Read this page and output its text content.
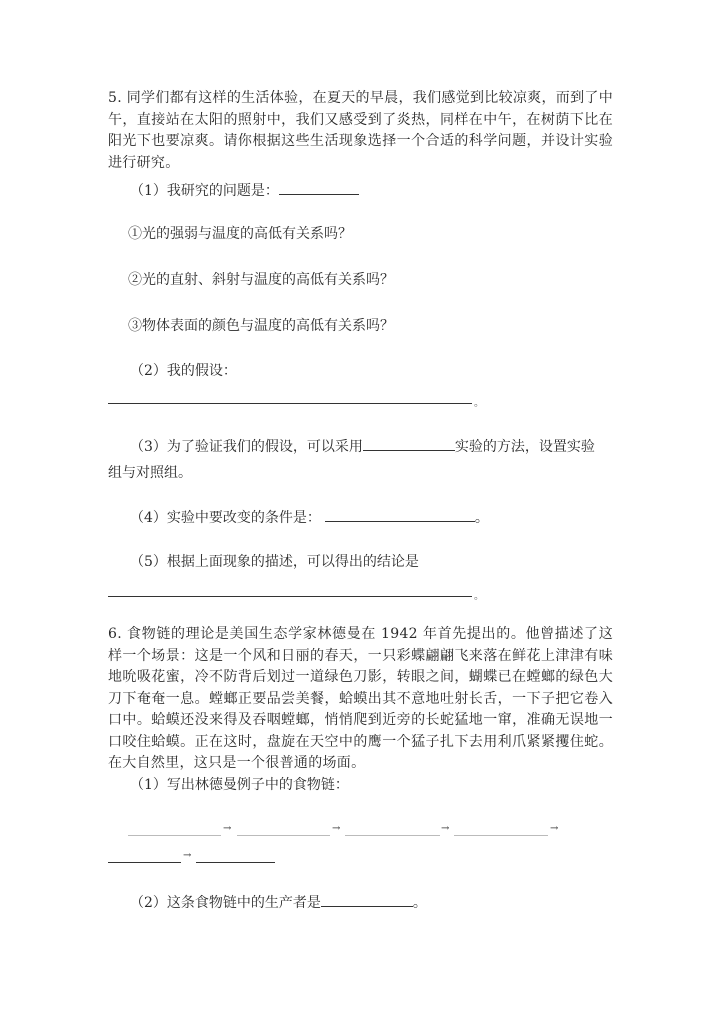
5. 同学们都有这样的生活体验，在夏天的早晨，我们感觉到比较凉爽，而到了中午，直接站在太阳的照射中，我们又感受到了炎热，同样在中午，在树荫下比在阳光下也要凉爽。请你根据这些生活现象选择一个合适的科学问题，并设计实验进行研究。
（1）我研究的问题是：
①光的强弱与温度的高低有关系吗？
②光的直射、斜射与温度的高低有关系吗？
③物体表面的颜色与温度的高低有关系吗？
（2）我的假设：
。
（3）为了验证我们的假设，可以采用	实验的方法，设置实验
组与对照组。
（4）实验中要改变的条件是：	。
（5）根据上面现象的描述，可以得出的结论是
。
6. 食物链的理论是美国生态学家林德曼在 1942 年首先提出的。他曾描述了这样一个场景：这是一个风和日丽的春天，一只彩蝶翩翩飞来落在鲜花上津津有味地吮吸花蜜，冷不防背后划过一道绿色刀影，转眼之间，蝴蝶已在螳螂的绿色大刀下奄奄一息。螳螂正要品尝美餐，蛤蟆出其不意地吐射长舌，一下子把它卷入口中。蛤蟆还没来得及吞咽螳螂，悄悄爬到近旁的长蛇猛地一窜，准确无误地一口咬住蛤蟆。正在这时，盘旋在天空中的鹰一个猛子扎下去用利爪紧紧攫住蛇。在大自然里，这只是一个很普通的场面。
（1）写出林德曼例子中的食物链：
→	→	→	→
→
（2）这条食物链中的生产者是	。
